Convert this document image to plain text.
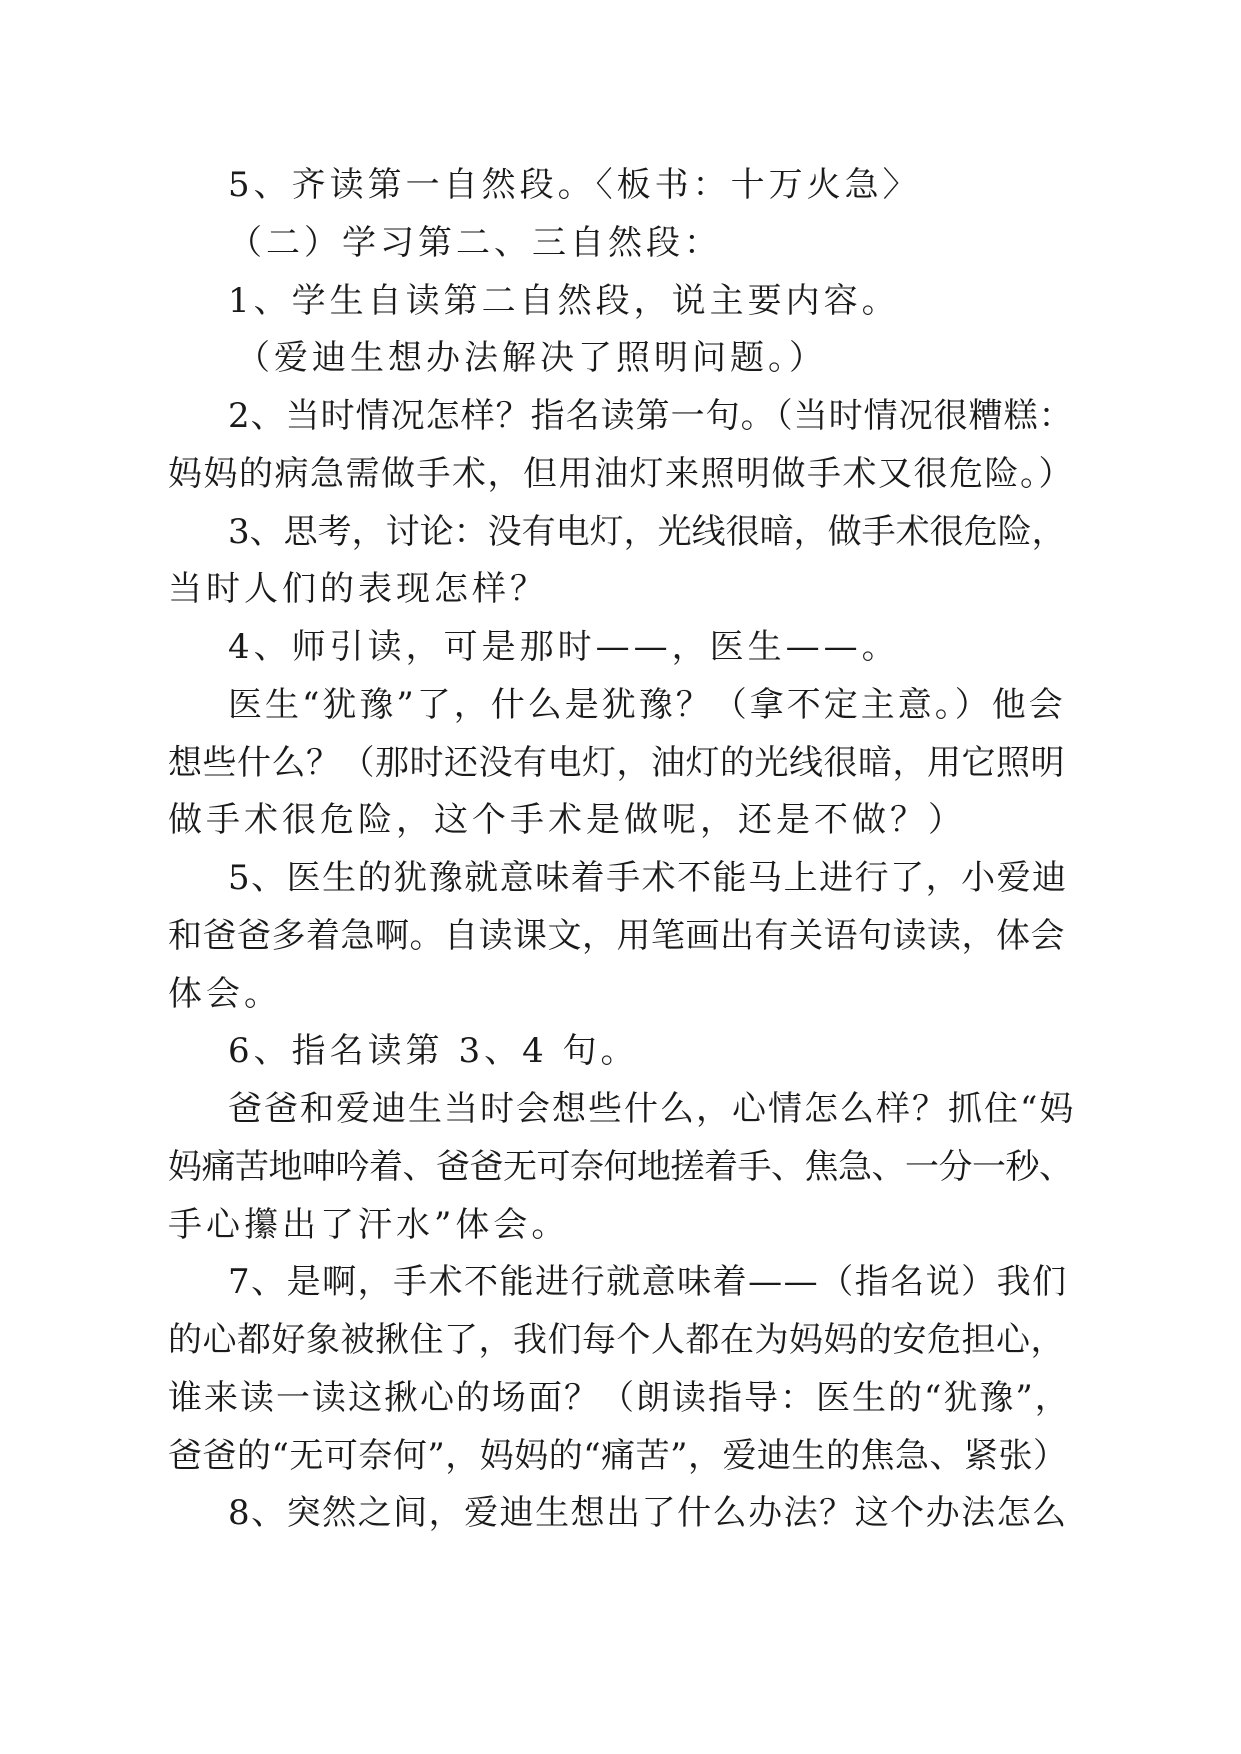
5、齐读第一自然段。〈板书：十万火急〉
（二）学习第二、三自然段：
1、学生自读第二自然段，说主要内容。
（爱迪生想办法解决了照明问题。）
2、当时情况怎样？指名读第一句。（当时情况很糟糕：
妈妈的病急需做手术，但用油灯来照明做手术又很危险。）
3、思考，讨论：没有电灯，光线很暗，做手术很危险，
当时人们的表现怎样？
4、师引读，可是那时——，医生——。
医生“犹豫”了，什么是犹豫？（拿不定主意。）他会
想些什么？（那时还没有电灯，油灯的光线很暗，用它照明
做手术很危险，这个手术是做呢，还是不做？）
5、医生的犹豫就意味着手术不能马上进行了，小爱迪
和爸爸多着急啊。自读课文，用笔画出有关语句读读，体会
体会。
6、指名读第 3、4 句。
爸爸和爱迪生当时会想些什么，心情怎么样？抓住“妈
妈痛苦地呻吟着、爸爸无可奈何地搓着手、焦急、一分一秒、
手心攥出了汗水”体会。
7、是啊，手术不能进行就意味着——（指名说）我们
的心都好象被揪住了，我们每个人都在为妈妈的安危担心，
谁来读一读这揪心的场面？（朗读指导：医生的“犹豫”，
爸爸的“无可奈何”，妈妈的“痛苦”，爱迪生的焦急、紧张）
8、突然之间，爱迪生想出了什么办法？这个办法怎么
